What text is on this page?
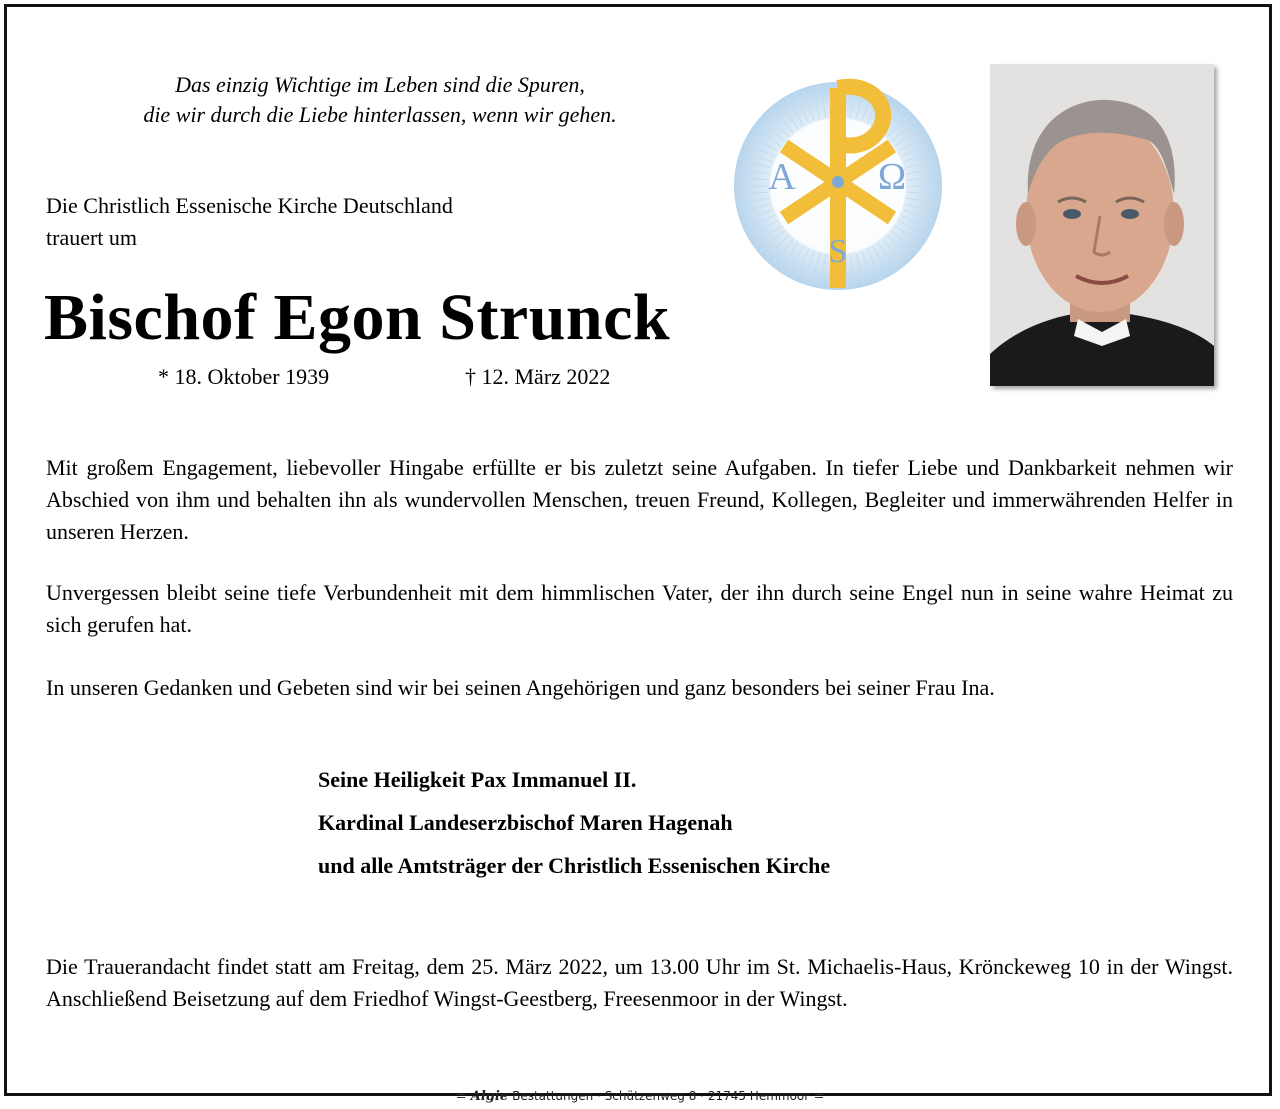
Das einzig Wichtige im Leben sind die Spuren,
die wir durch die Liebe hinterlassen, wenn wir gehen.
Die Christlich Essenische Kirche Deutschland
trauert um
Bischof Egon Strunck
* 18. Oktober 1939	† 12. März 2022
A Ω
S

Mit großem Engagement, liebevoller Hingabe erfüllte er bis zuletzt seine Aufgaben. In tiefer Liebe und Dankbarkeit nehmen wir Abschied von ihm und behalten ihn als wundervollen Menschen, treuen Freund, Kollegen, Begleiter und immerwährenden Helfer in unseren Herzen.

Unvergessen bleibt seine tiefe Verbundenheit mit dem himmlischen Vater, der ihn durch seine Engel nun in seine wahre Heimat zu sich gerufen hat.

In unseren Gedanken und Gebeten sind wir bei seinen Angehörigen und ganz besonders bei seiner Frau Ina.

Seine Heiligkeit Pax Immanuel II.
Kardinal Landeserzbischof Maren Hagenah
und alle Amtsträger der Christlich Essenischen Kirche

Die Trauerandacht findet statt am Freitag, dem 25. März 2022, um 13.00 Uhr im St. Michaelis-Haus, Krönckeweg 10 in der Wingst. Anschließend Beisetzung auf dem Friedhof Wingst-Geestberg, Freesenmoor in der Wingst.

Algie Bestattungen · Schützenweg 8 · 21745 Hemmoor
